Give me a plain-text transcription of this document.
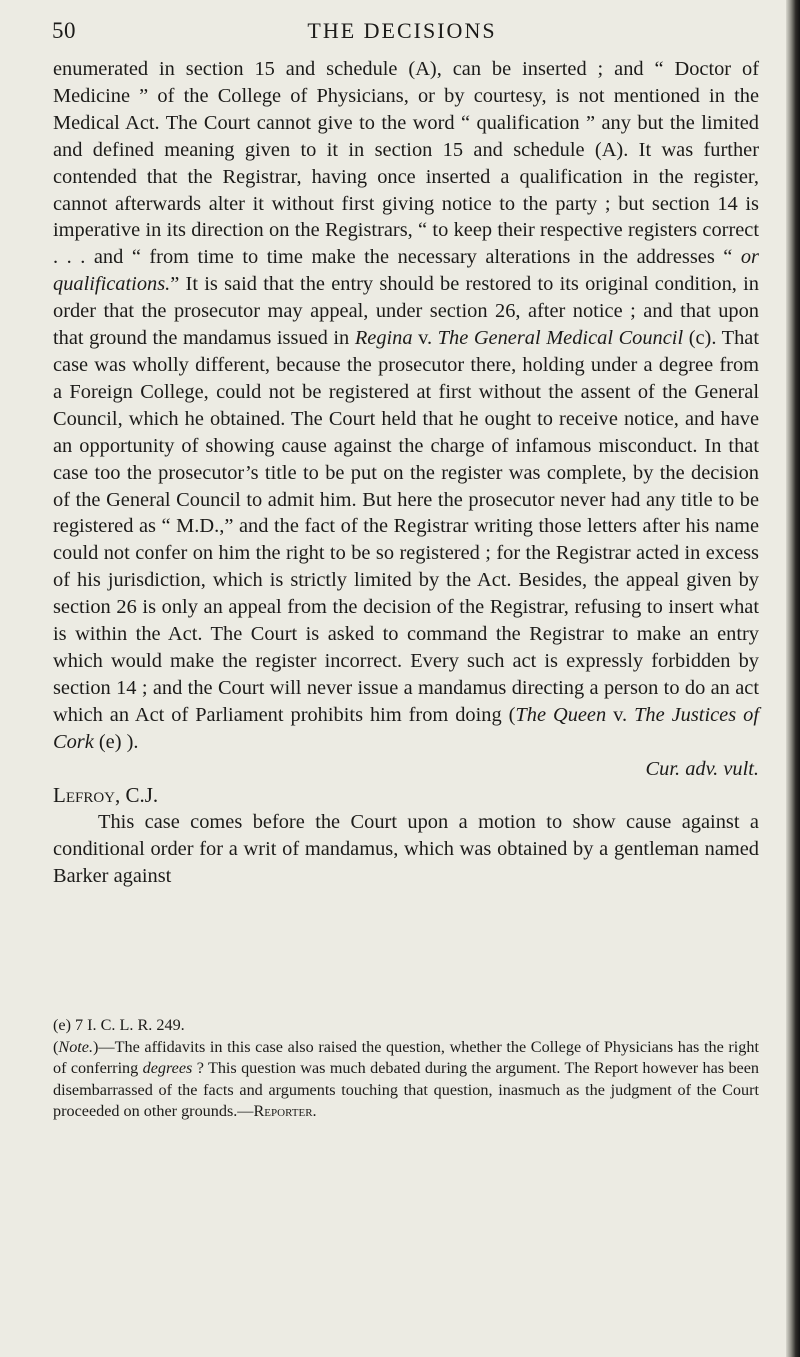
50	THE DECISIONS

enumerated in section 15 and schedule (A), can be inserted ; and “ Doctor of Medicine ” of the College of Physicians, or by courtesy, is not mentioned in the Medical Act. The Court cannot give to the word “ qualification ” any but the limited and defined meaning given to it in section 15 and schedule (A). It was further contended that the Registrar, having once inserted a qualification in the register, cannot afterwards alter it without first giving notice to the party ; but section 14 is imperative in its direction on the Registrars, “ to keep their respective registers correct . . . and “ from time to time make the necessary alterations in the addresses “ or qualifications.” It is said that the entry should be restored to its original condition, in order that the prosecutor may appeal, under section 26, after notice ; and that upon that ground the mandamus issued in Regina v. The General Medical Council (c). That case was wholly different, because the prosecutor there, holding under a degree from a Foreign College, could not be registered at first without the assent of the General Council, which he obtained. The Court held that he ought to receive notice, and have an opportunity of showing cause against the charge of infamous misconduct. In that case too the prosecutor’s title to be put on the register was complete, by the decision of the General Council to admit him. But here the prosecutor never had any title to be registered as “ M.D.,” and the fact of the Registrar writing those letters after his name could not confer on him the right to be so registered ; for the Registrar acted in excess of his jurisdiction, which is strictly limited by the Act. Besides, the appeal given by section 26 is only an appeal from the decision of the Registrar, refusing to insert what is within the Act. The Court is asked to command the Registrar to make an entry which would make the register incorrect. Every such act is expressly forbidden by section 14 ; and the Court will never issue a mandamus directing a person to do an act which an Act of Parliament prohibits him from doing (The Queen v. The Justices of Cork (e) ).

Cur. adv. vult.

Lefroy, C.J.

This case comes before the Court upon a motion to show cause against a conditional order for a writ of mandamus, which was obtained by a gentleman named Barker against

(e) 7 I. C. L. R. 249.

(Note.)—The affidavits in this case also raised the question, whether the College of Physicians has the right of conferring degrees ? This question was much debated during the argument. The Report however has been disembarrassed of the facts and arguments touching that question, inasmuch as the judgment of the Court proceeded on other grounds.—Reporter.
